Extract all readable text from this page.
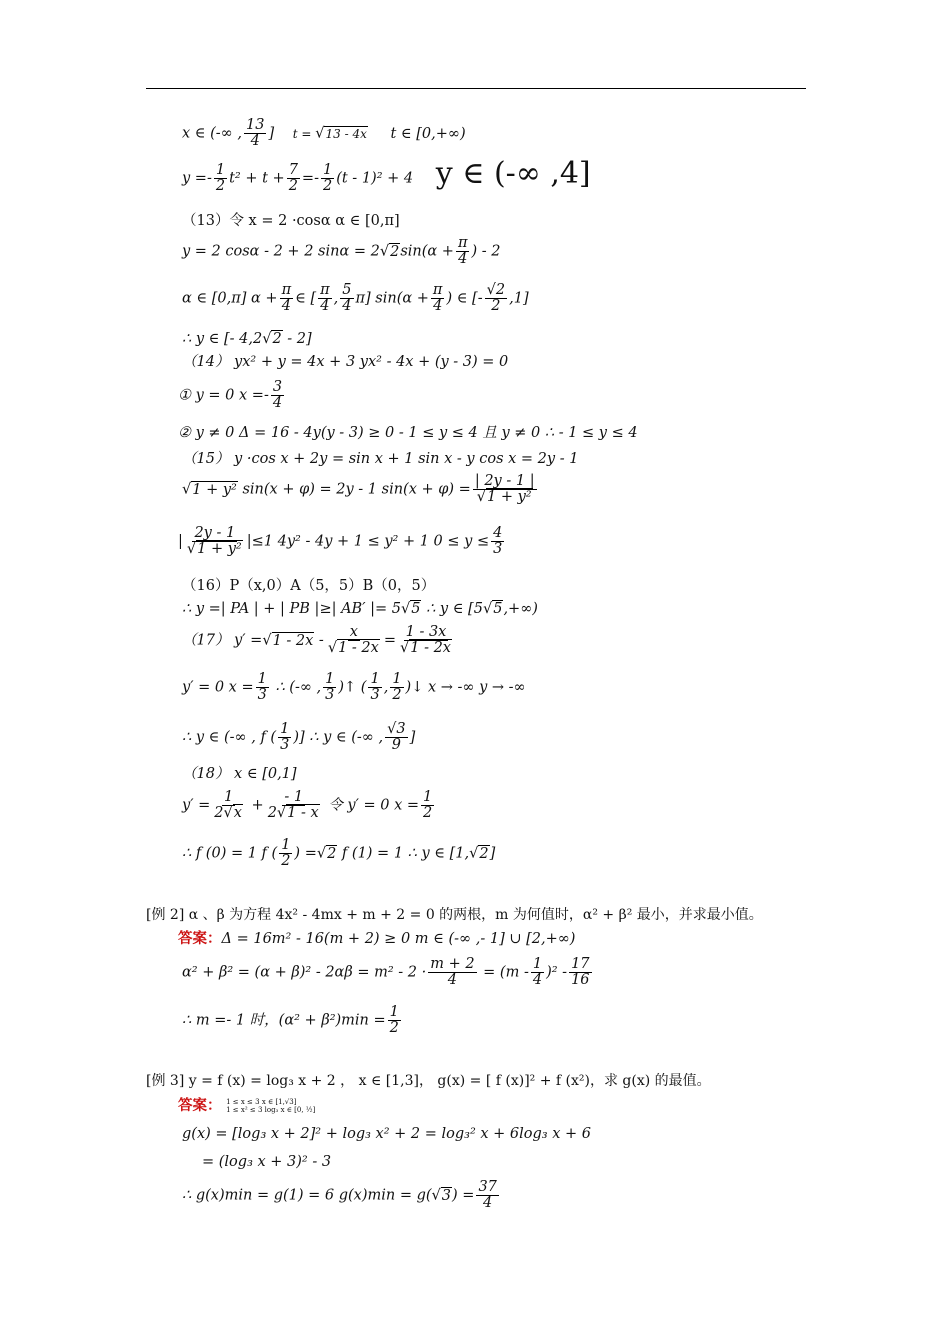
x ∈ (-∞ , $\frac{13}{4}$ ] t = √13 - 4x t ∈ [0,+∞)
$y =- \frac{1}{2} t^2 + t + \frac{7}{2} =- \frac{1}{2} (t - 1)^2 + 4$ y ∈ (-∞ ,4]
（13）令 x = 2 ·cosα α ∈ [0,π]
y = 2 cosα - 2 + 2 $\sin\alpha = 2√2\sin(\alpha + \frac{\pi}{4}$ ) - 2
α ∈ [0,π] $\alpha + \frac{\pi}{4}$ ∈ [ $\frac{\pi}{4}$ , $\frac{5}{4} \pi$] $\sin(\alpha + \frac{\pi}{4}$ ) ∈ [- $\frac{√2}{2} ,1$]
∴ y ∈ [- 4,2√2 - 2]
（14） yx² + y = 4x + 3 yx² - 4x + (y - 3) = 0
① y = 0 $x =- \frac{3}{4}$
② y ≠ 0 Δ = 16 - 4y(y - 3) ≥ 0 - 1 ≤ y ≤ 4 且 y ≠ 0 ∴ - 1 ≤ y ≤ 4
（15） y ·cos x + 2y = sin x + 1 sin x - y cos x = 2y - 1
√1 + y² sin(x + φ) = 2y - 1 $\sin(x + \varphi) = \frac{| 2y - 1 |}{\text{√1 + y²}}$
| $\frac{2y - 1}{\text{√1 + y²}} |\le 1$ 4y² - 4y + 1 ≤ y² + 1 $0 \le y \le \frac{4}{3}$
（16）P（x,0）A（5，5）B（0，5）
∴ y =| PA | + | PB |≥| AB′ |= 5√5 ∴ y ∈ [5√5,+∞)
（17） $y' =√1 - 2x - \frac{x}{√1 - 2x} = \frac{1 - 3x}{√1 - 2x}$
y′ = 0 $x = \frac{1}{3}$ ∴ (-∞ , $\frac{1}{3}$ )↑ ( $\frac{1}{3}$ , $\frac{1}{2}$ )↓ x → -∞ y → -∞
∴ y ∈ (-∞ , f ( $\frac{1}{3}$ )] ∴ y ∈ (-∞ , $\frac{√3}{9}$ ]
（18） x ∈ [0,1]
$y' = \frac{1}{2√x} + \frac{- 1}{2√1 - x}$ 令 y′ = 0 $x = \frac{1}{2}$
∴ f (0) = 1 f ( $\frac{1}{2}$ ) =√2 f (1) = 1 ∴ y ∈ [1,√2]
[例 2] α 、β 为方程 4x² - 4mx + m + 2 = 0 的两根，m 为何值时，α² + β² 最小，并求最小值。
答案：Δ = 16m² - 16(m + 2) ≥ 0 m ∈ (-∞ ,- 1] ∪ [2,+∞)
$\alpha^2 + \beta^2 = (\alpha + \beta)^2 - 2\alpha\beta = m^2 - 2 \cdot \frac{m + 2}{4} = (m - \frac{1}{4} )^2 - \frac{17}{16}$
∴ m =- 1 时，$(\alpha^2 + \beta^2)\min = \frac{1}{2}$
[例 3] y = f (x) = log₃ x + 2 ， x ∈ [1,3]， g(x) = [ f (x)]² + f (x²)，求 g(x) 的最值。
答案： 1 ≤ x ≤ 3 x ∈ [1,√3]
1 ≤ x² ≤ 3 log₃ x ∈ [0, ½]
g(x) = [log₃ x + 2]² + log₃ x² + 2 = log₃² x + 6log₃ x + 6
= (log₃ x + 3)² - 3
∴ g(x)min = g(1) = 6 $g(x)\min = g(√3) = \frac{37}{4}$
